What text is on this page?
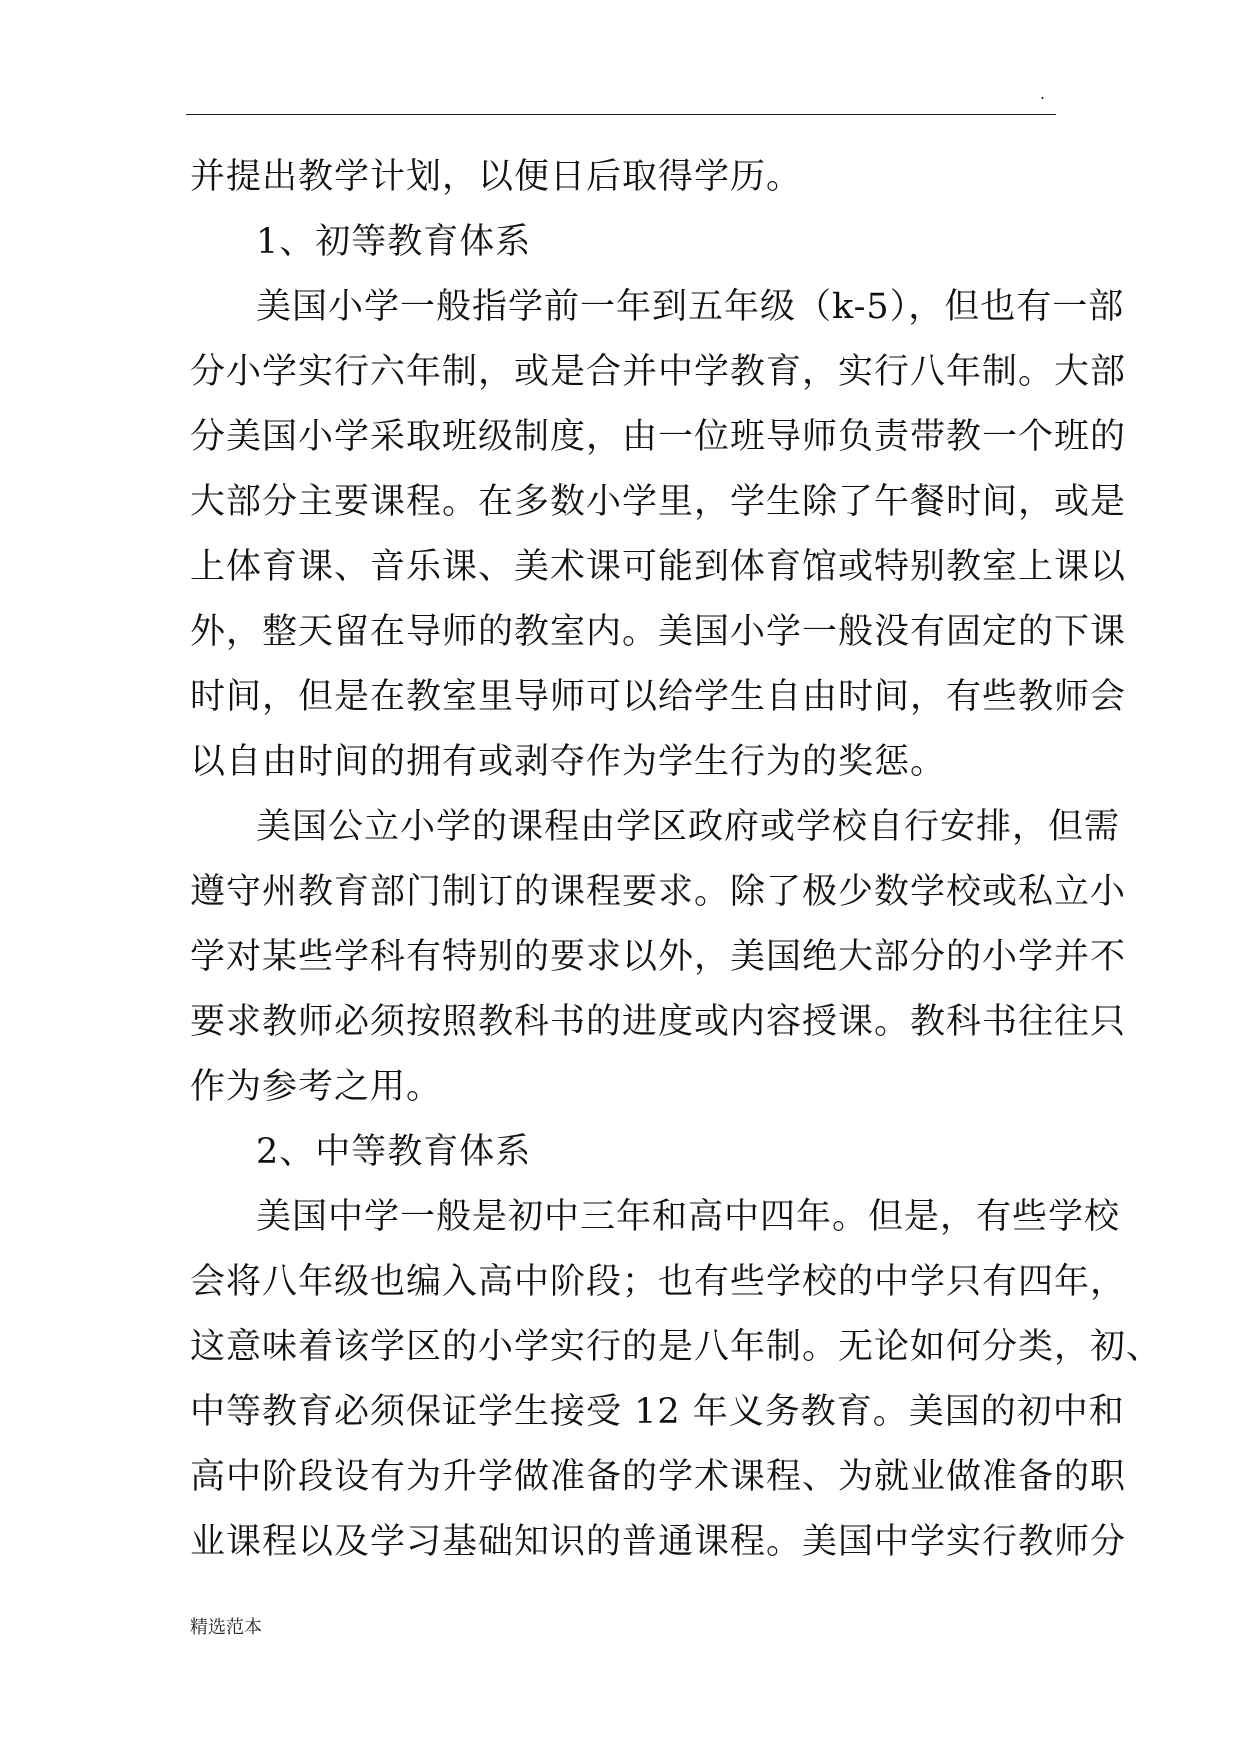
.
并提出教学计划，以便日后取得学历。
1、初等教育体系
美国小学一般指学前一年到五年级（k-5），但也有一部
分小学实行六年制，或是合并中学教育，实行八年制。大部
分美国小学采取班级制度，由一位班导师负责带教一个班的
大部分主要课程。在多数小学里，学生除了午餐时间，或是
上体育课、音乐课、美术课可能到体育馆或特别教室上课以
外，整天留在导师的教室内。美国小学一般没有固定的下课
时间，但是在教室里导师可以给学生自由时间，有些教师会
以自由时间的拥有或剥夺作为学生行为的奖惩。
美国公立小学的课程由学区政府或学校自行安排，但需
遵守州教育部门制订的课程要求。除了极少数学校或私立小
学对某些学科有特别的要求以外，美国绝大部分的小学并不
要求教师必须按照教科书的进度或内容授课。教科书往往只
作为参考之用。
2、中等教育体系
美国中学一般是初中三年和高中四年。但是，有些学校
会将八年级也编入高中阶段；也有些学校的中学只有四年，
这意味着该学区的小学实行的是八年制。无论如何分类，初、
中等教育必须保证学生接受 12 年义务教育。美国的初中和
高中阶段设有为升学做准备的学术课程、为就业做准备的职
业课程以及学习基础知识的普通课程。美国中学实行教师分
精选范本
